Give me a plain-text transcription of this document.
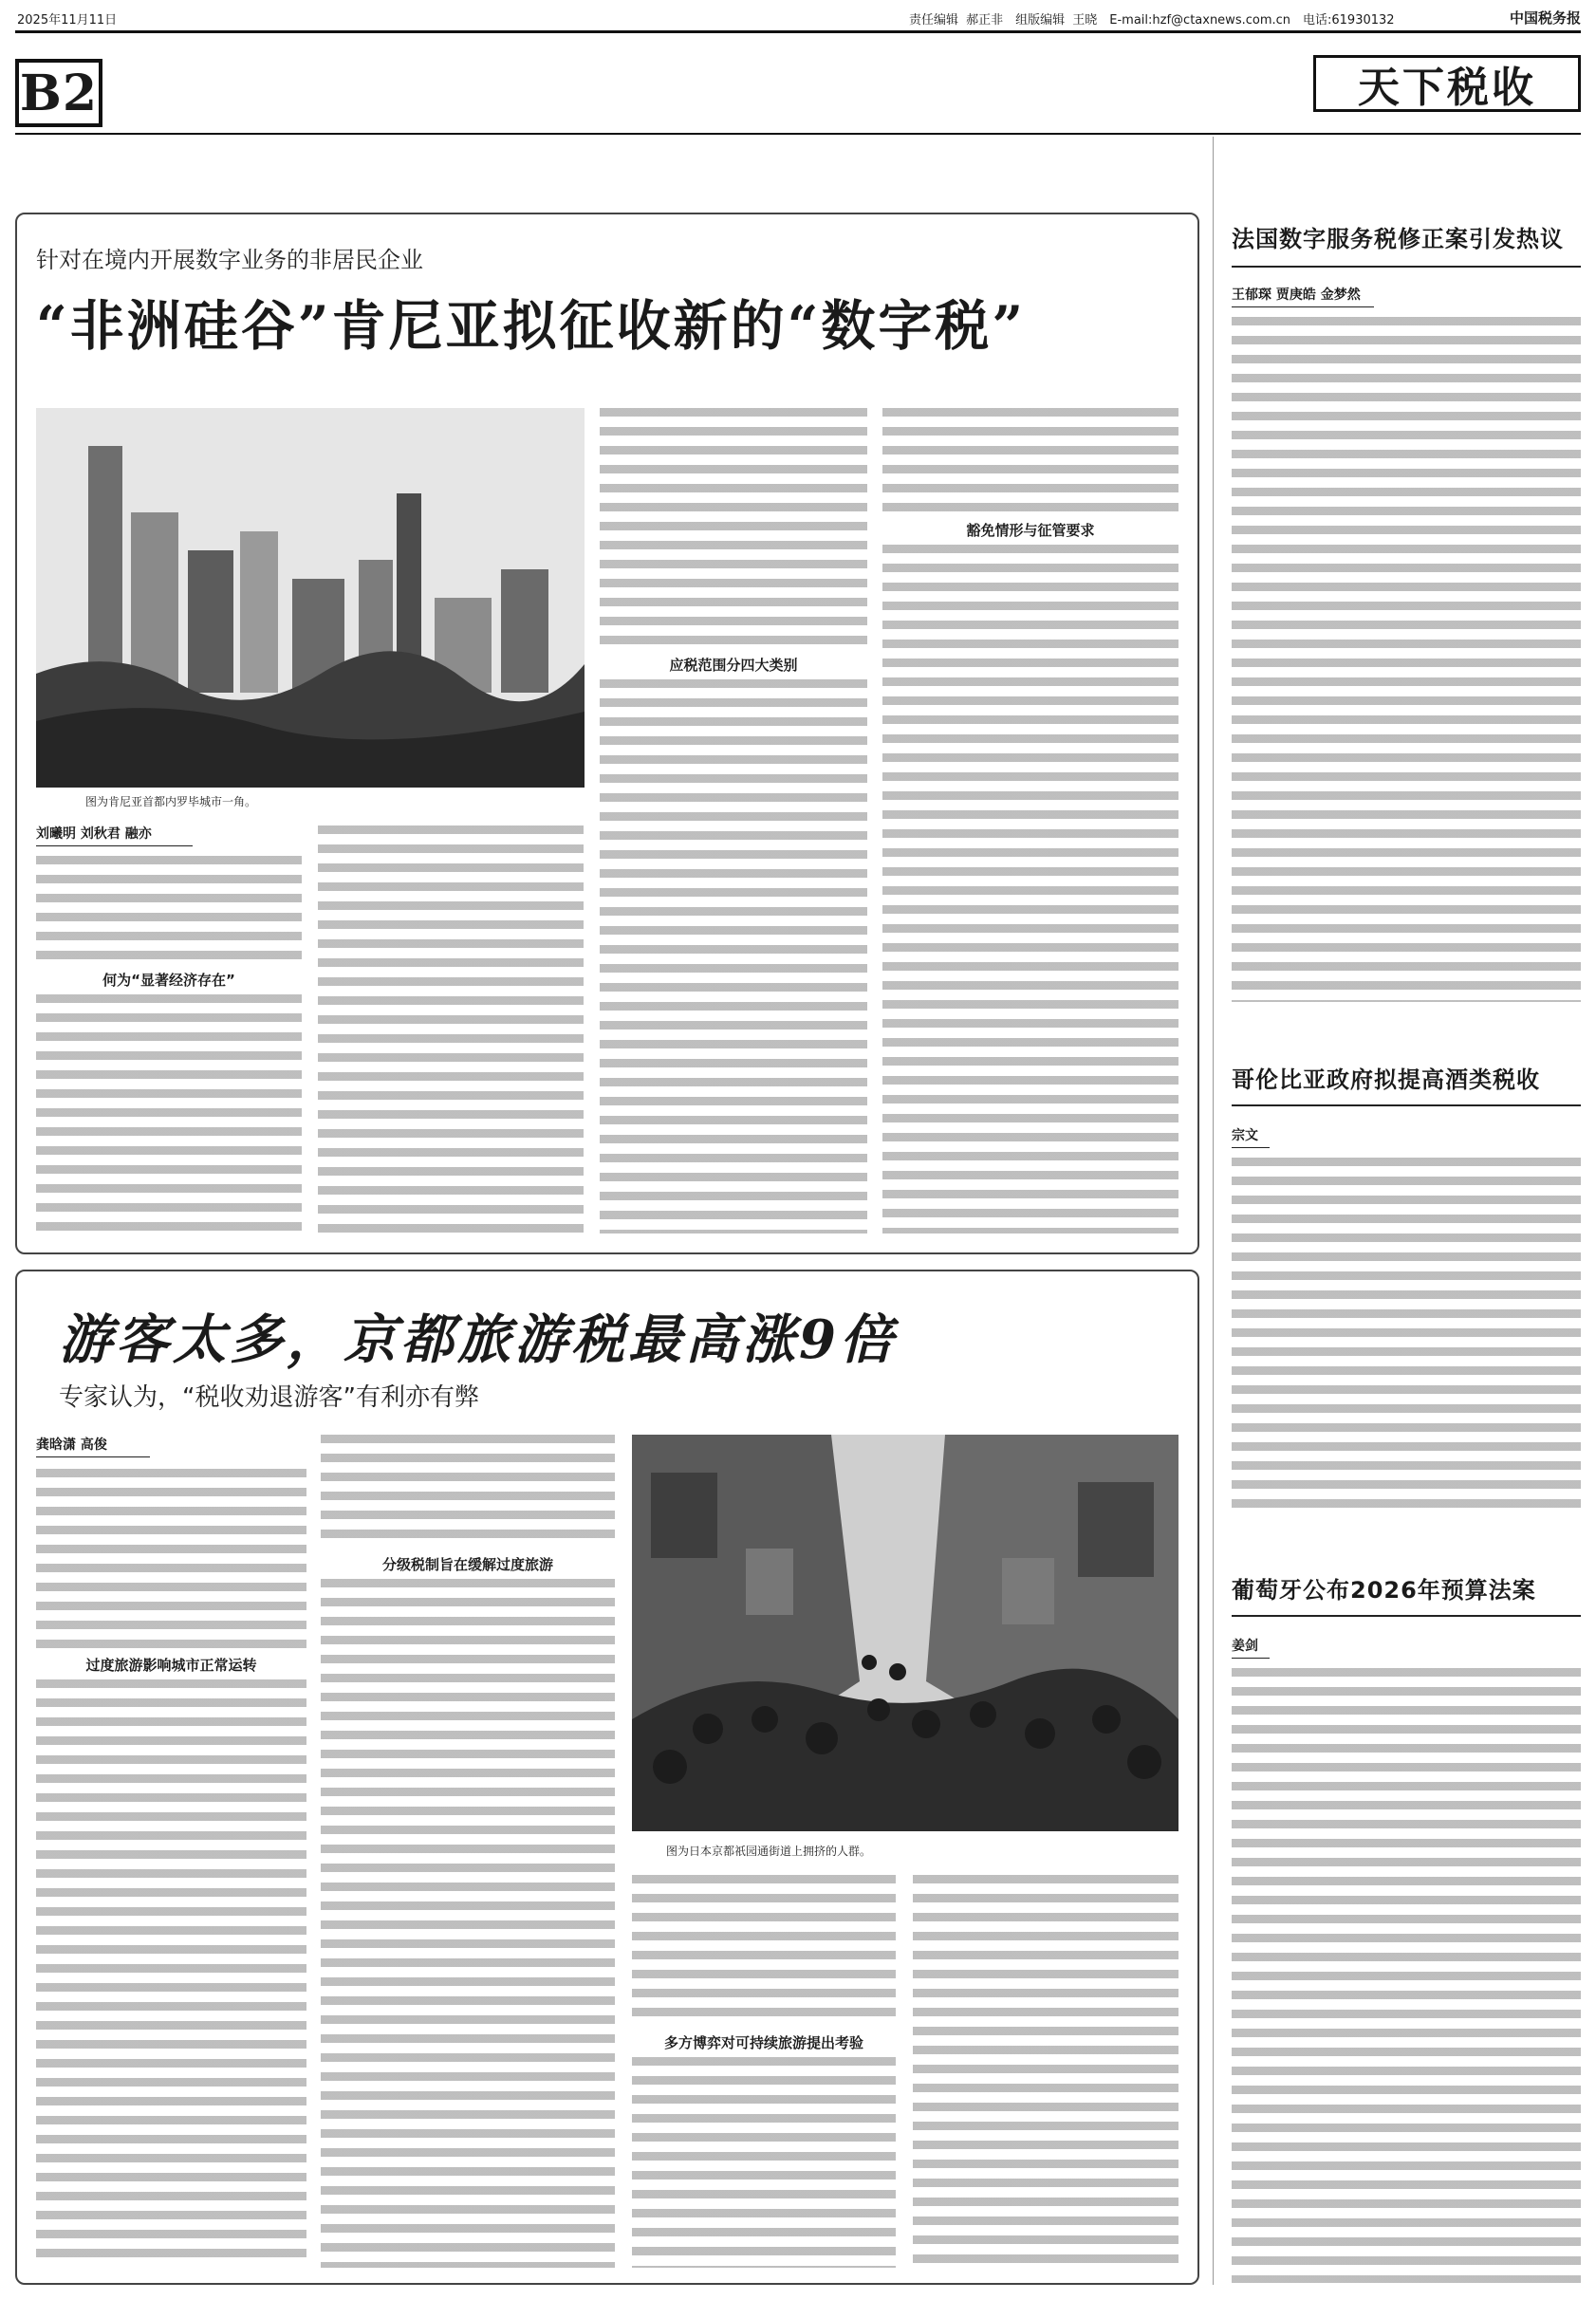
2025年11月11日	责任编辑 郝正非　组版编辑 王晓　E-mail:hzf@ctaxnews.com.cn　电话:61930132	中国税务报
B2	天下税收
针对在境内开展数字业务的非居民企业
“非洲硅谷”肯尼亚拟征收新的“数字税”
图为肯尼亚首都内罗毕城市一角。
刘曦明 刘秋君 融亦
何为“显著经济存在”
应税范围分四大类别
豁免情形与征管要求
游客太多，京都旅游税最高涨9倍
专家认为，“税收劝退游客”有利亦有弊
龚晗潇 高俊
过度旅游影响城市正常运转
分级税制旨在缓解过度旅游
图为日本京都祇园通街道上拥挤的人群。
多方博弈对可持续旅游提出考验
法国数字服务税修正案引发热议
王郁琛 贾庚皓 金梦然
哥伦比亚政府拟提高酒类税收
宗文
葡萄牙公布2026年预算法案
姜剑
